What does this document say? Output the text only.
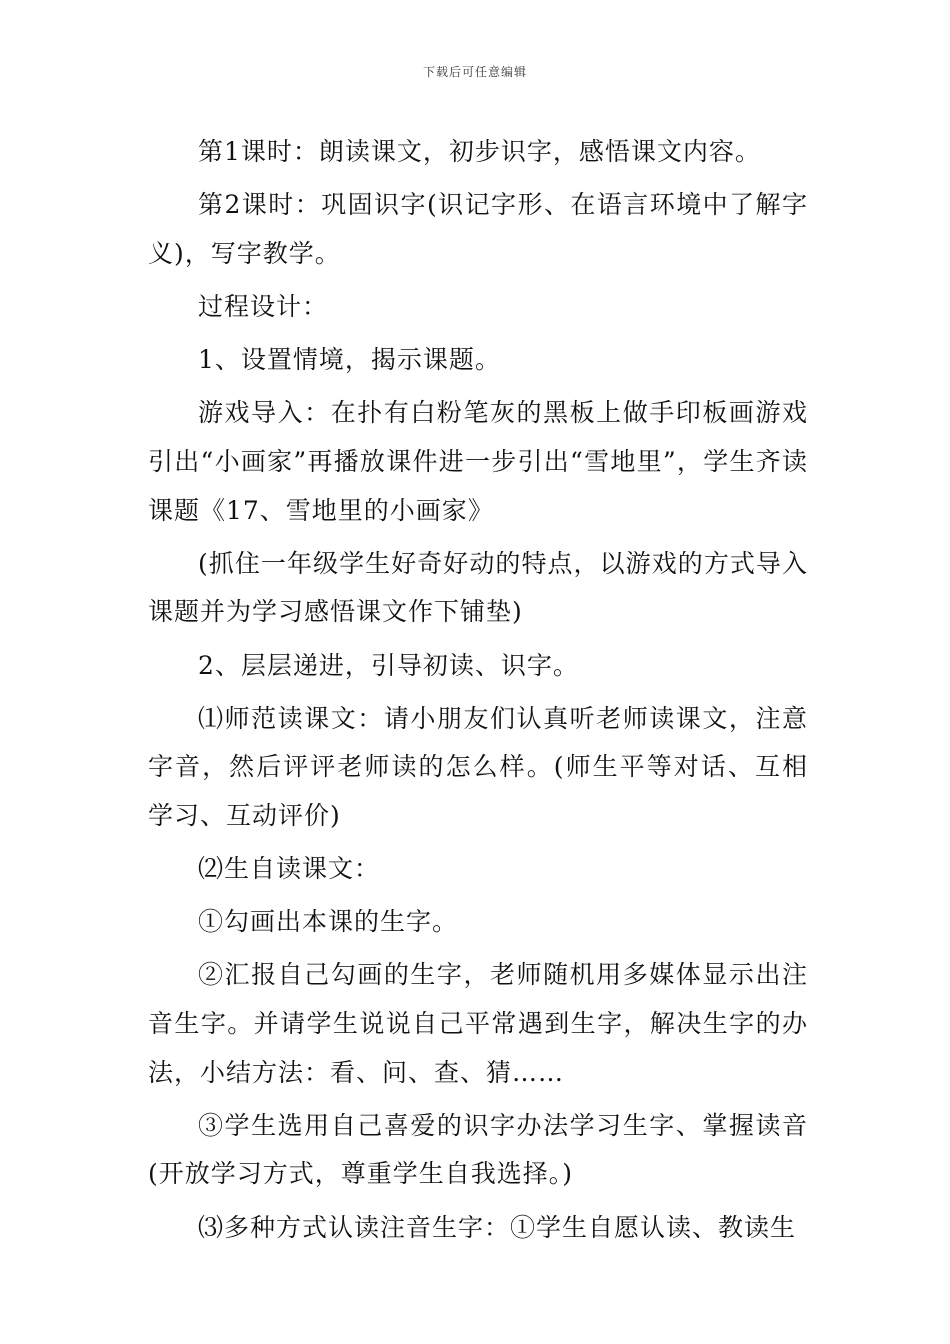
下载后可任意编辑

第1课时：朗读课文，初步识字，感悟课文内容。

第2课时：巩固识字(识记字形、在语言环境中了解字义)，写字教学。

过程设计：

1、设置情境，揭示课题。

游戏导入：在扑有白粉笔灰的黑板上做手印板画游戏引出“小画家”再播放课件进一步引出“雪地里”，学生齐读课题《17、雪地里的小画家》

(抓住一年级学生好奇好动的特点，以游戏的方式导入课题并为学习感悟课文作下铺垫)

2、层层递进，引导初读、识字。

⑴师范读课文：请小朋友们认真听老师读课文，注意字音，然后评评老师读的怎么样。(师生平等对话、互相学习、互动评价)

⑵生自读课文：

①勾画出本课的生字。

②汇报自己勾画的生字，老师随机用多媒体显示出注音生字。并请学生说说自己平常遇到生字，解决生字的办法，小结方法：看、问、查、猜……

③学生选用自己喜爱的识字办法学习生字、掌握读音(开放学习方式，尊重学生自我选择。)

⑶多种方式认读注音生字：①学生自愿认读、教读生
